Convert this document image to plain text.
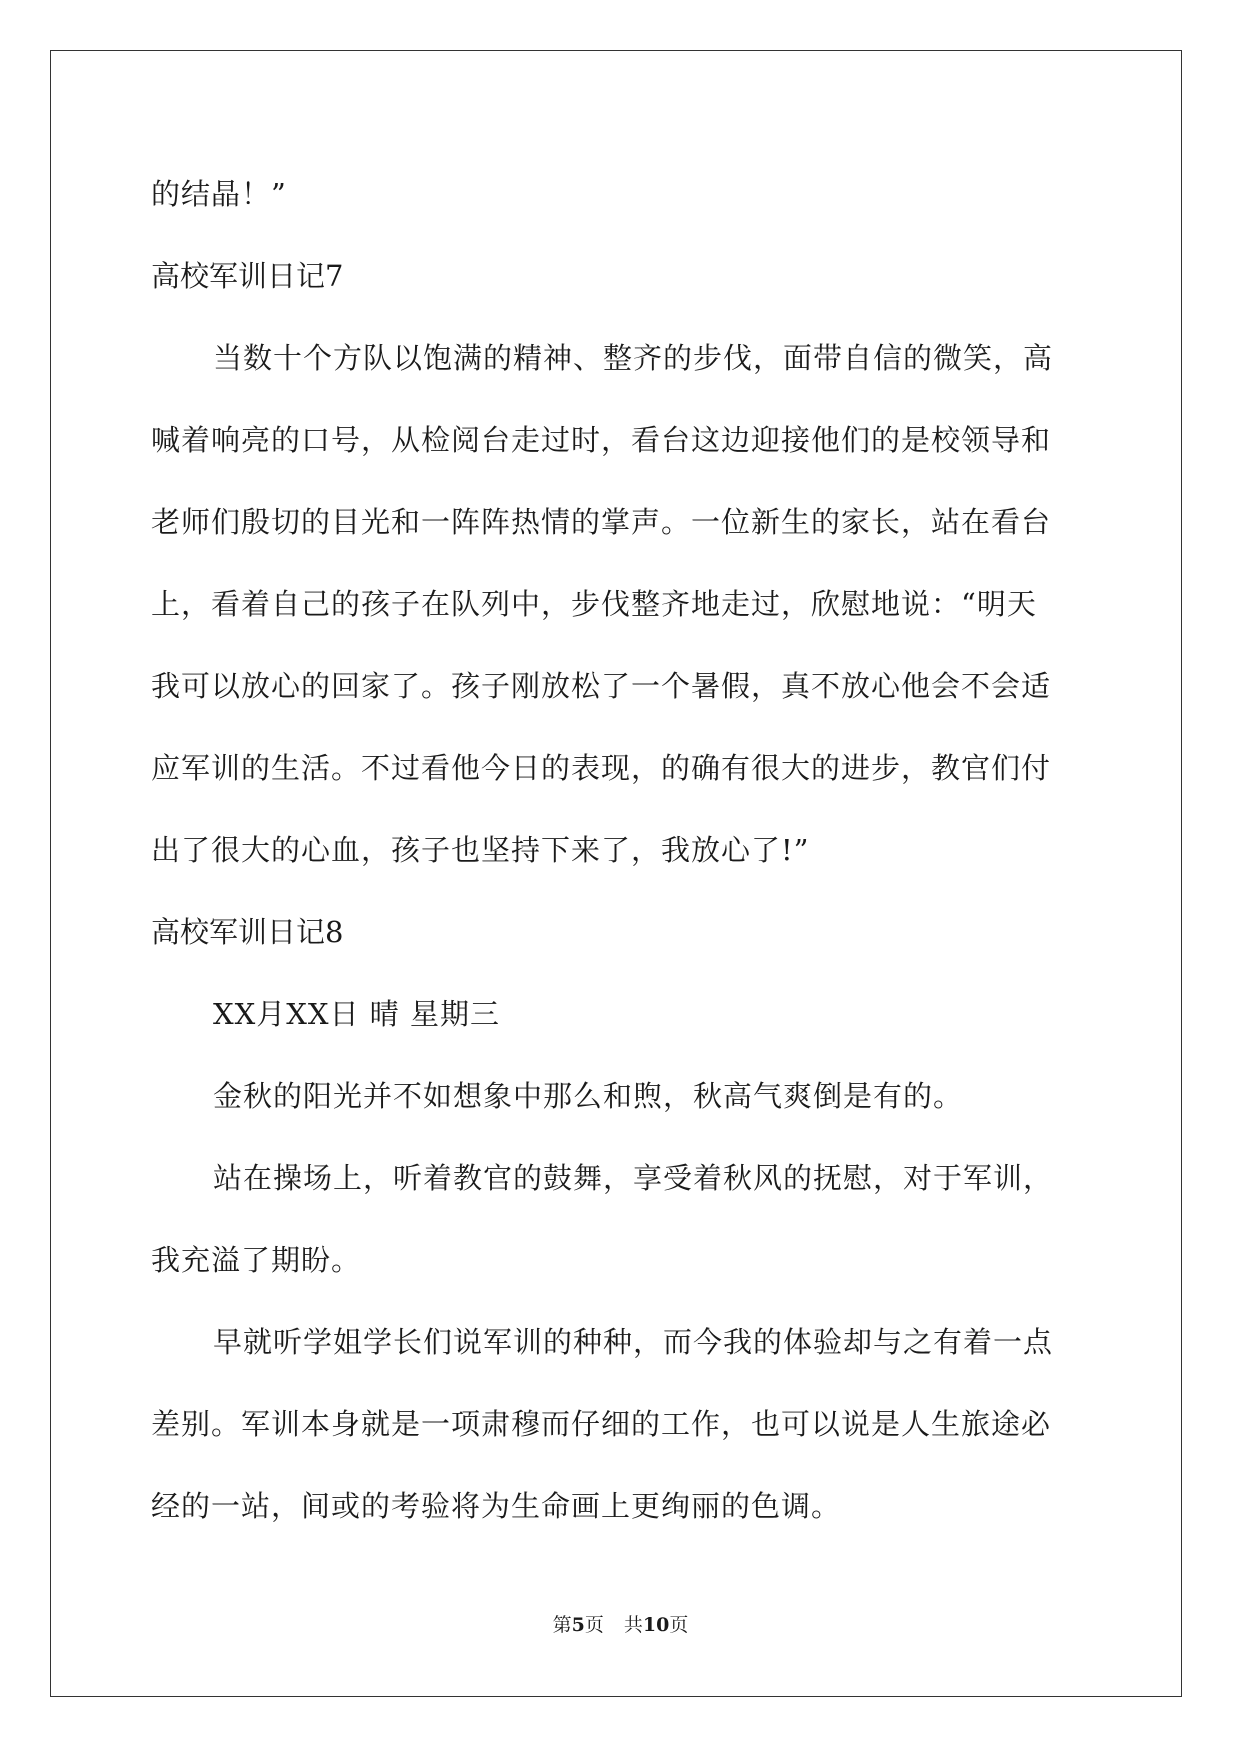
的结晶！”
高校军训日记7
当数十个方队以饱满的精神、整齐的步伐，面带自信的微笑，高
喊着响亮的口号，从检阅台走过时，看台这边迎接他们的是校领导和
老师们殷切的目光和一阵阵热情的掌声。一位新生的家长，站在看台
上，看着自己的孩子在队列中，步伐整齐地走过，欣慰地说：“明天
我可以放心的回家了。孩子刚放松了一个暑假，真不放心他会不会适
应军训的生活。不过看他今日的表现，的确有很大的进步，教官们付
出了很大的心血，孩子也坚持下来了，我放心了!”
高校军训日记8
XX月XX日 晴 星期三
金秋的阳光并不如想象中那么和煦，秋高气爽倒是有的。
站在操场上，听着教官的鼓舞，享受着秋风的抚慰，对于军训，
我充溢了期盼。
早就听学姐学长们说军训的种种，而今我的体验却与之有着一点
差别。军训本身就是一项肃穆而仔细的工作，也可以说是人生旅途必
经的一站，间或的考验将为生命画上更绚丽的色调。
第5页 共10页
